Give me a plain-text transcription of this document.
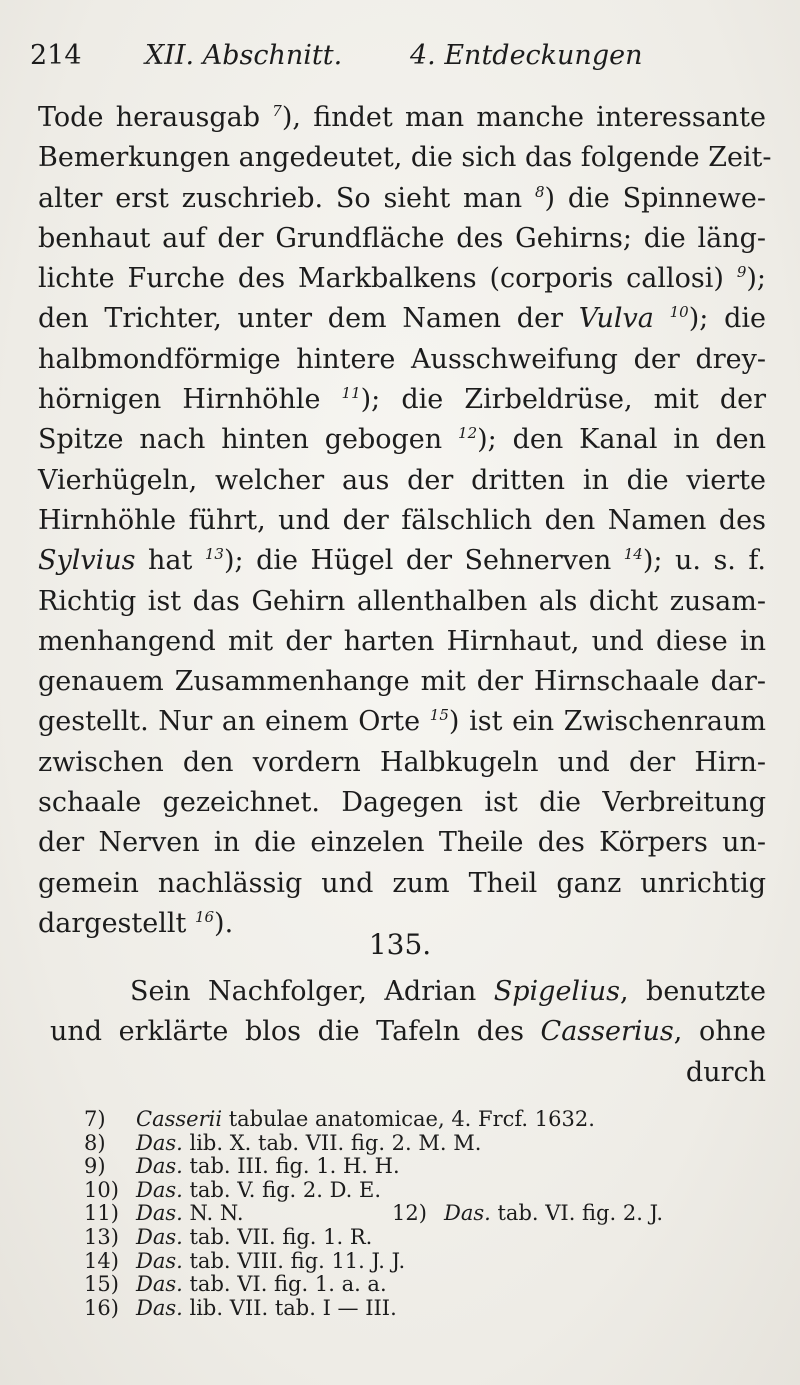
214 XII. Abschnitt.	4. Entdeckungen
Tode herausgab $^7$), findet man manche interessante
Bemerkungen angedeutet, die sich das folgende Zeit-
alter erst zuschrieb. So sieht man $^8$) die Spinnewe-
benhaut auf der Grundfläche des Gehirns; die läng-
lichte Furche des Markbalkens (corporis callosi) $^9$);
den Trichter, unter dem Namen der Vulva $^{10}$); die
halbmondförmige hintere Ausschweifung der drey-
hörnigen Hirnhöhle $^{11}$); die Zirbeldrüse, mit der
Spitze nach hinten gebogen $^{12}$); den Kanal in den
Vierhügeln, welcher aus der dritten in die vierte
Hirnhöhle führt, und der fälschlich den Namen des
Sylvius hat $^{13}$); die Hügel der Sehnerven $^{14}$); u. s. f.
Richtig ist das Gehirn allenthalben als dicht zusam-
menhangend mit der harten Hirnhaut, und diese in
genauem Zusammenhange mit der Hirnschaale dar-
gestellt. Nur an einem Orte $^{15}$) ist ein Zwischenraum
zwischen den vordern Halbkugeln und der Hirn-
schaale gezeichnet. Dagegen ist die Verbreitung
der Nerven in die einzelen Theile des Körpers un-
gemein nachlässig und zum Theil ganz unrichtig
dargestellt $^{16}$).
135.
Sein Nachfolger, Adrian Spigelius, benutzte
und erklärte blos die Tafeln des Casserius, ohne
durch
7) Casserii tabulae anatomicae, 4. Frcf. 1632.
8) Das. lib. X. tab. VII. fig. 2. M. M.
9) Das. tab. III. fig. 1. H. H.
10) Das. tab. V. fig. 2. D. E.
11) Das. N. N.	12) Das. tab. VI. fig. 2. J.
13) Das. tab. VII. fig. 1. R.
14) Das. tab. VIII. fig. 11. J. J.
15) Das. tab. VI. fig. 1. a. a.
16) Das. lib. VII. tab. I — III.
